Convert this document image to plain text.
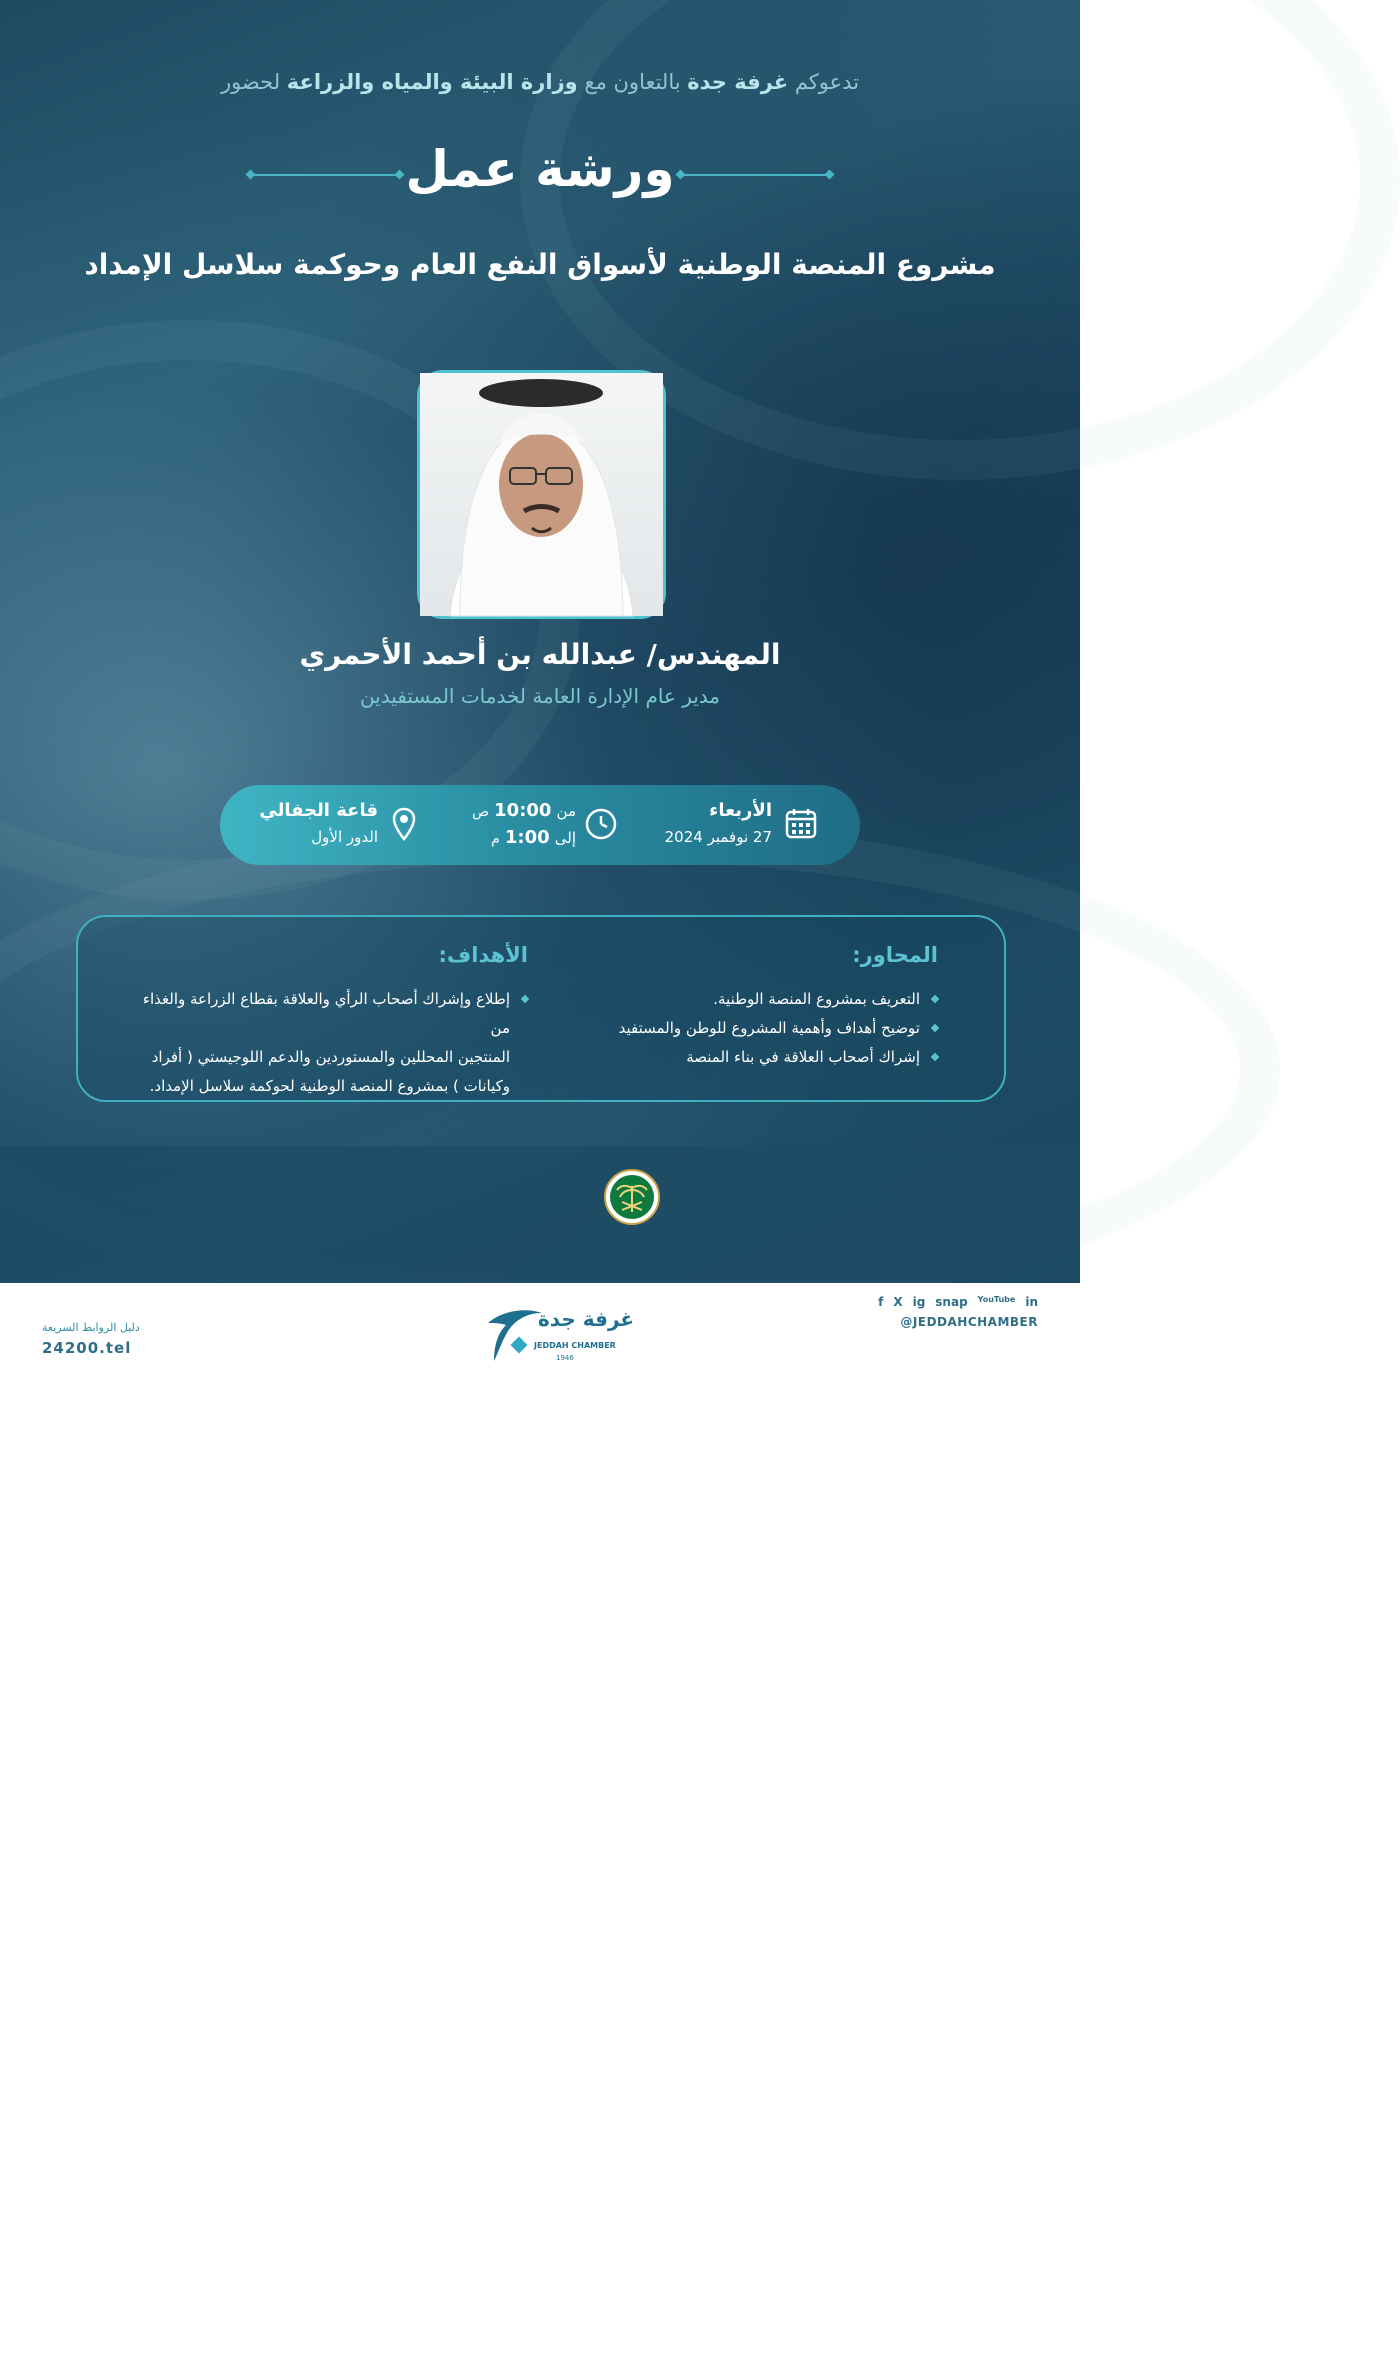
تدعوكم غرفة جدة بالتعاون مع وزارة البيئة والمياه والزراعة لحضور
ورشة عمل
مشروع المنصة الوطنية لأسواق النفع العام وحوكمة سلاسل الإمداد
المهندس/ عبدالله بن أحمد الأحمري
مدير عام الإدارة العامة لخدمات المستفيدين
الأربعاء
27 نوفمبر 2024
من 10:00 ص
إلى 1:00 م
قاعة الجفالي
الدور الأول
المحاور:
التعريف بمشروع المنصة الوطنية.
توضيح أهداف وأهمية المشروع للوطن والمستفيد
إشراك أصحاب العلاقة في بناء المنصة
الأهداف:
إطلاع وإشراك أصحاب الرأي والعلاقة بقطاع الزراعة والغذاء من
المنتجين المحللين والمستوردين والدعم اللوجيستي ( أفراد
وكيانات ) بمشروع المنصة الوطنية لحوكمة سلاسل الإمداد.
وزارة البيئة والمياه والزراعة
Ministry of Environment Water & Agriculture
دليل الروابط السريعة
24200.tel
غرفة جدة
JEDDAH CHAMBER
1946
f X ig snap YouTube in
@JEDDAHCHAMBER
